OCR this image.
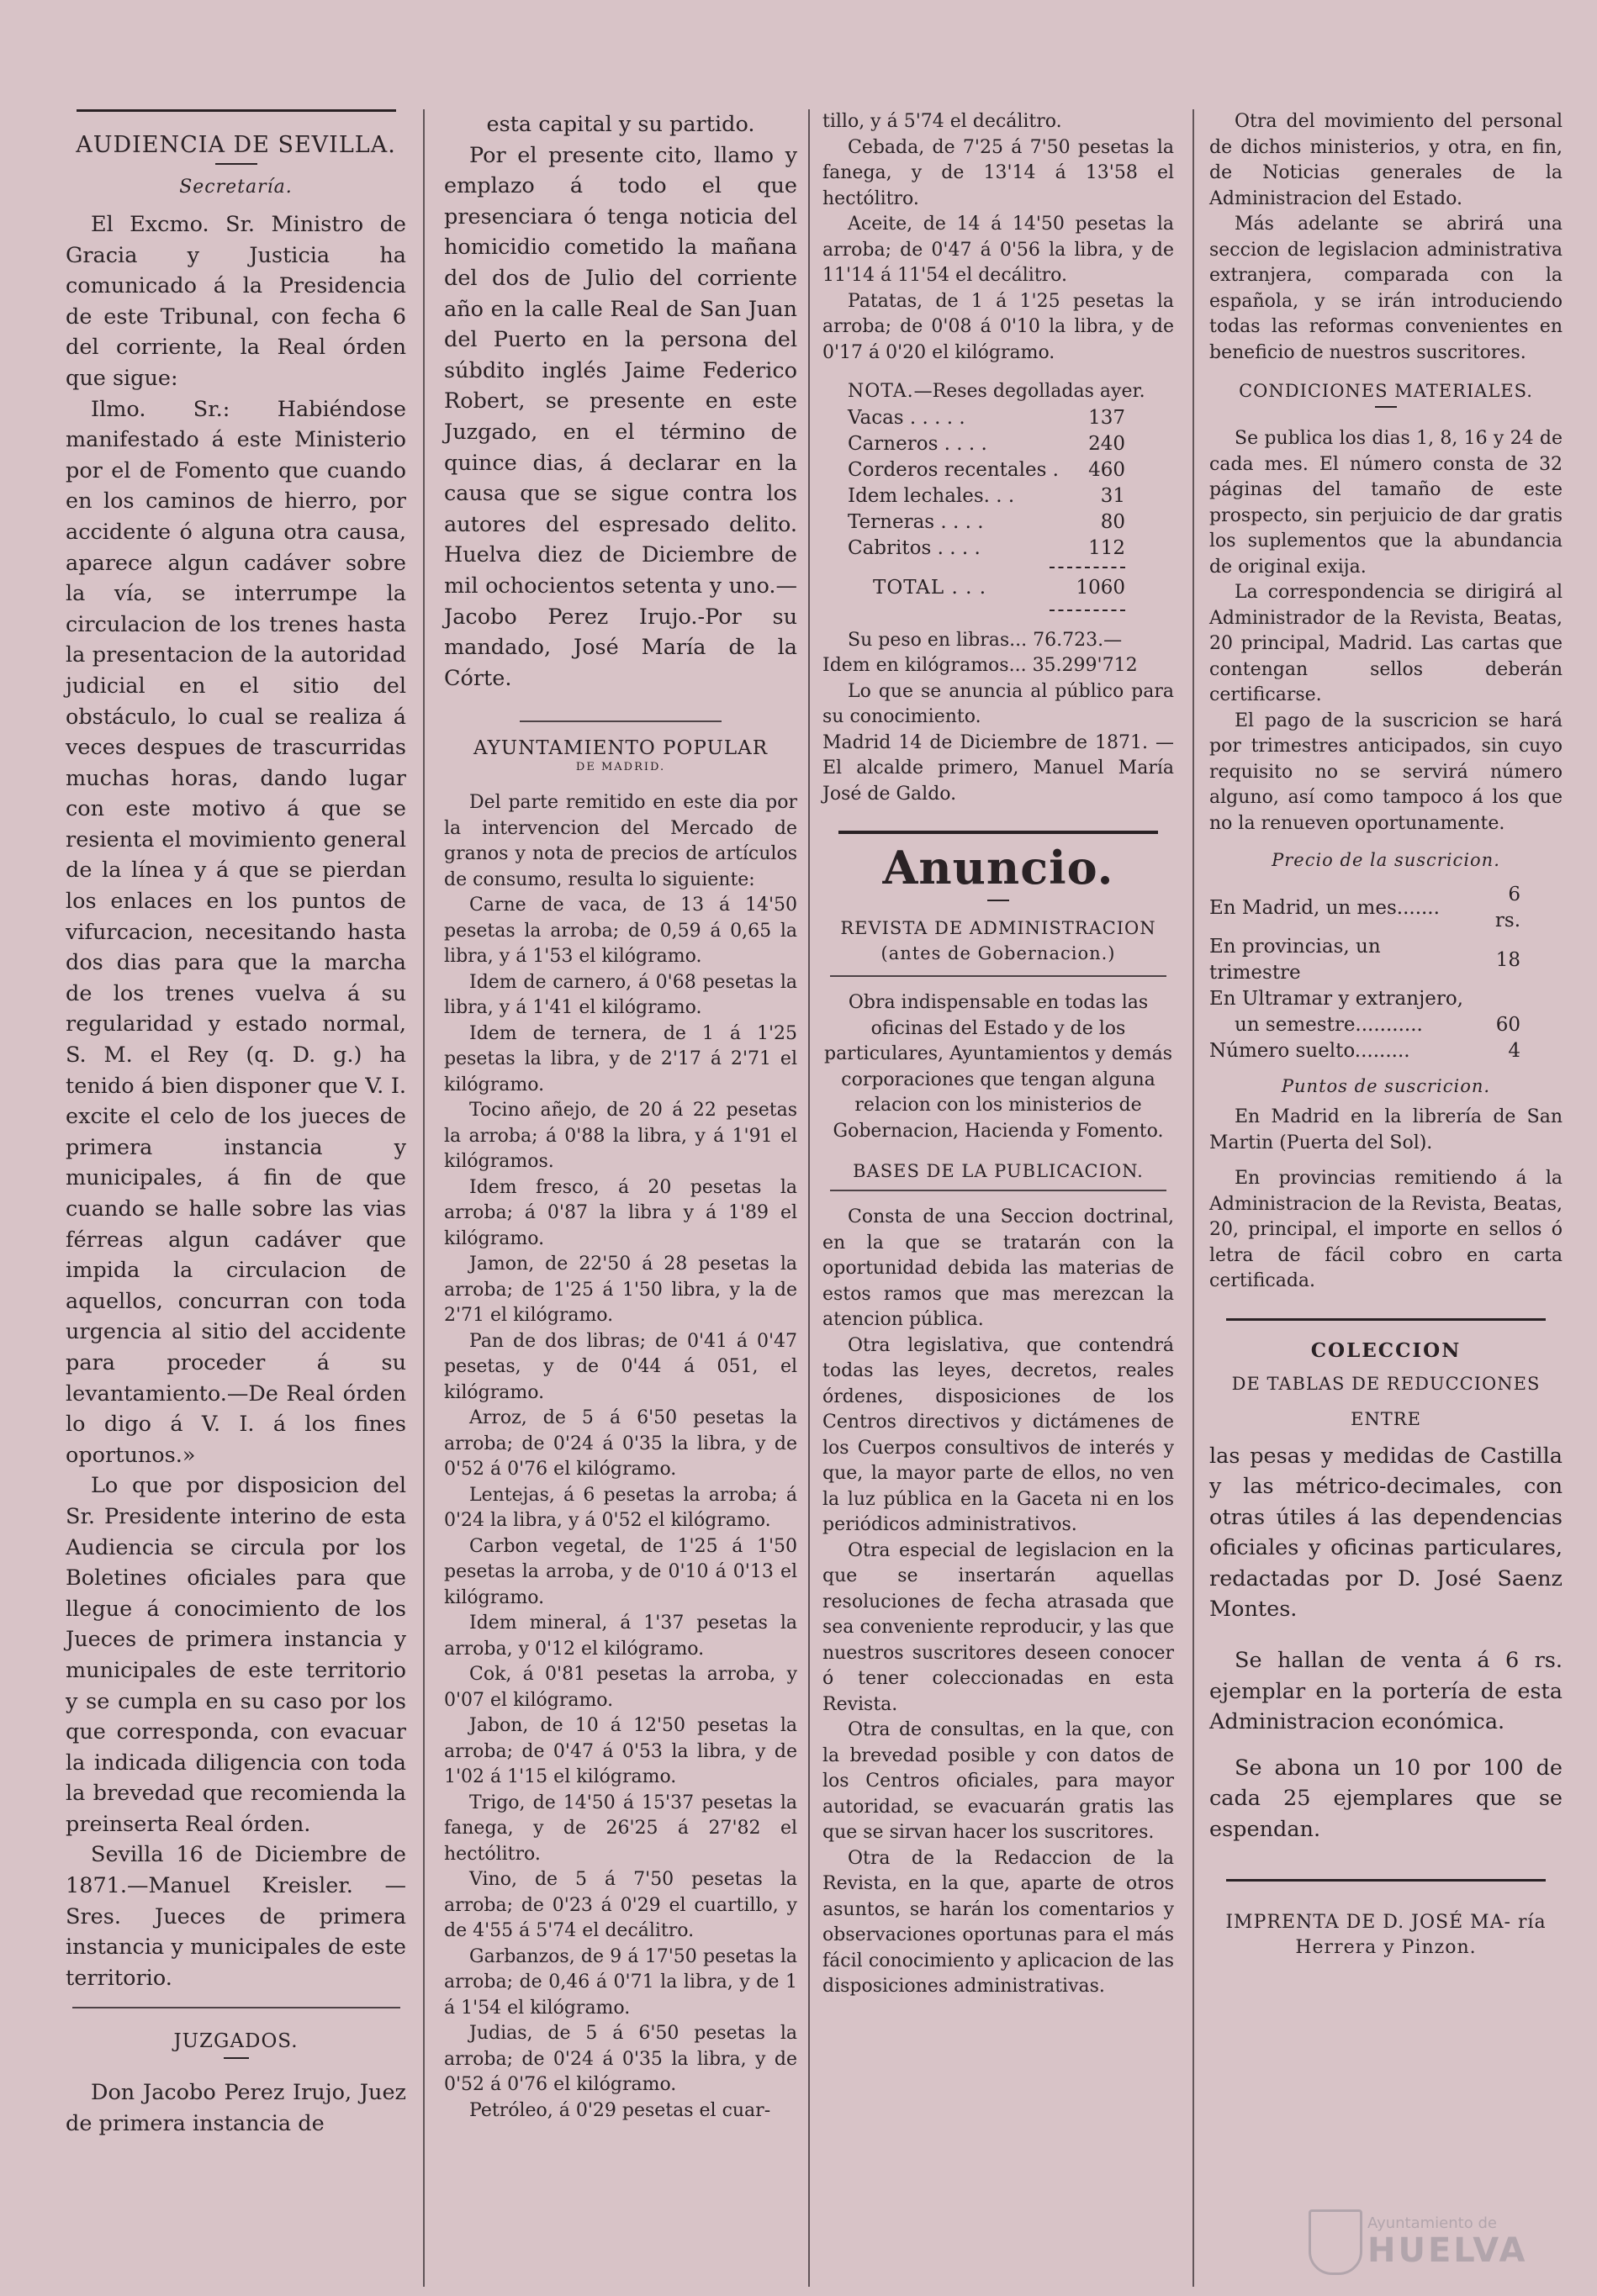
AUDIENCIA DE SEVILLA.
Secretaría.

El Excmo. Sr. Ministro de Gracia y Justicia ha comunicado á la Presidencia de este Tribunal, con fecha 6 del corriente, la Real órden que sigue:

Ilmo. Sr.: Habiéndose manifestado á este Ministerio por el de Fomento que cuando en los caminos de hierro, por accidente ó alguna otra causa, aparece algun cadáver sobre la vía, se interrumpe la circulacion de los trenes hasta la presentacion de la autoridad judicial en el sitio del obstáculo, lo cual se realiza á veces despues de trascurridas muchas horas, dando lugar con este motivo á que se resienta el movimiento general de la línea y á que se pierdan los enlaces en los puntos de vifurcacion, necesitando hasta dos dias para que la marcha de los trenes vuelva á su regularidad y estado normal, S. M. el Rey (q. D. g.) ha tenido á bien disponer que V. I. excite el celo de los jueces de primera instancia y municipales, á fin de que cuando se halle sobre las vias férreas algun cadáver que impida la circulacion de aquellos, concurran con toda urgencia al sitio del accidente para proceder á su levantamiento.—De Real órden lo digo á V. I. á los fines oportunos.»

Lo que por disposicion del Sr. Presidente interino de esta Audiencia se circula por los Boletines oficiales para que llegue á conocimiento de los Jueces de primera instancia y municipales de este territorio y se cumpla en su caso por los que corresponda, con evacuar la indicada diligencia con toda la brevedad que recomienda la preinserta Real órden.

Sevilla 16 de Diciembre de 1871.—Manuel Kreisler. —Sres. Jueces de primera instancia y municipales de este territorio.

JUZGADOS.

Don Jacobo Perez Irujo, Juez de primera instancia de

esta capital y su partido.

Por el presente cito, llamo y emplazo á todo el que presenciara ó tenga noticia del homicidio cometido la mañana del dos de Julio del corriente año en la calle Real de San Juan del Puerto en la persona del súbdito inglés Jaime Federico Robert, se presente en este Juzgado, en el término de quince dias, á declarar en la causa que se sigue contra los autores del espresado delito. Huelva diez de Diciembre de mil ochocientos setenta y uno.—Jacobo Perez Irujo.-Por su mandado, José María de la Córte.

AYUNTAMIENTO POPULAR
DE MADRID.

Del parte remitido en este dia por la intervencion del Mercado de granos y nota de precios de artículos de consumo, resulta lo siguiente:

Carne de vaca, de 13 á 14'50 pesetas la arroba; de 0,59 á 0,65 la libra, y á 1'53 el kilógramo.

Idem de carnero, á 0'68 pesetas la libra, y á 1'41 el kilógramo.

Idem de ternera, de 1 á 1'25 pesetas la libra, y de 2'17 á 2'71 el kilógramo.

Tocino añejo, de 20 á 22 pesetas la arroba; á 0'88 la libra, y á 1'91 el kilógramos.

Idem fresco, á 20 pesetas la arroba; á 0'87 la libra y á 1'89 el kilógramo.

Jamon, de 22'50 á 28 pesetas la arroba; de 1'25 á 1'50 libra, y la de 2'71 el kilógramo.

Pan de dos libras; de 0'41 á 0'47 pesetas, y de 0'44 á 051, el kilógramo.

Arroz, de 5 á 6'50 pesetas la arroba; de 0'24 á 0'35 la libra, y de 0'52 á 0'76 el kilógramo.

Lentejas, á 6 pesetas la arroba; á 0'24 la libra, y á 0'52 el kilógramo.

Carbon vegetal, de 1'25 á 1'50 pesetas la arroba, y de 0'10 á 0'13 el kilógramo.

Idem mineral, á 1'37 pesetas la arroba, y 0'12 el kilógramo.

Cok, á 0'81 pesetas la arroba, y 0'07 el kilógramo.

Jabon, de 10 á 12'50 pesetas la arroba; de 0'47 á 0'53 la libra, y de 1'02 á 1'15 el kilógramo.

Trigo, de 14'50 á 15'37 pesetas la fanega, y de 26'25 á 27'82 el hectólitro.

Vino, de 5 á 7'50 pesetas la arroba; de 0'23 á 0'29 el cuartillo, y de 4'55 á 5'74 el decálitro.

Garbanzos, de 9 á 17'50 pesetas la arroba; de 0,46 á 0'71 la libra, y de 1 á 1'54 el kilógramo.

Judias, de 5 á 6'50 pesetas la arroba; de 0'24 á 0'35 la libra, y de 0'52 á 0'76 el kilógramo.

Petróleo, á 0'29 pesetas el cuar-

tillo, y á 5'74 el decálitro.

Cebada, de 7'25 á 7'50 pesetas la fanega, y de 13'14 á 13'58 el hectólitro.

Aceite, de 14 á 14'50 pesetas la arroba; de 0'47 á 0'56 la libra, y de 11'14 á 11'54 el decálitro.

Patatas, de 1 á 1'25 pesetas la arroba; de 0'08 á 0'10 la libra, y de 0'17 á 0'20 el kilógramo.

NOTA.—Reses degolladas ayer.
Vacas . . . . .	137
Carneros . . . .	240
Corderos recentales .	460
Idem lechales. . .	31
Terneras . . . .	80
Cabritos . . . .	112
TOTAL . . .	1060

Su peso en libras... 76.723.—

Idem en kilógramos... 35.299'712

Lo que se anuncia al público para su conocimiento.

Madrid 14 de Diciembre de 1871. —El alcalde primero, Manuel María José de Galdo.

Anuncio.
REVISTA DE ADMINISTRACION
(antes de Gobernacion.)

Obra indispensable en todas las oficinas del Estado y de los particulares, Ayuntamientos y demás corporaciones que tengan alguna relacion con los ministerios de Gobernacion, Hacienda y Fomento.

BASES DE LA PUBLICACION.

Consta de una Seccion doctrinal, en la que se tratarán con la oportunidad debida las materias de estos ramos que mas merezcan la atencion pública.

Otra legislativa, que contendrá todas las leyes, decretos, reales órdenes, disposiciones de los Centros directivos y dictámenes de los Cuerpos consultivos de interés y que, la mayor parte de ellos, no ven la luz pública en la Gaceta ni en los periódicos administrativos.

Otra especial de legislacion en la que se insertarán aquellas resoluciones de fecha atrasada que sea conveniente reproducir, y las que nuestros suscritores deseen conocer ó tener coleccionadas en esta Revista.

Otra de consultas, en la que, con la brevedad posible y con datos de los Centros oficiales, para mayor autoridad, se evacuarán gratis las que se sirvan hacer los suscritores.

Otra de la Redaccion de la Revista, en la que, aparte de otros asuntos, se harán los comentarios y observaciones oportunas para el más fácil conocimiento y aplicacion de las disposiciones administrativas.

Otra del movimiento del personal de dichos ministerios, y otra, en fin, de Noticias generales de la Administracion del Estado.

Más adelante se abrirá una seccion de legislacion administrativa extranjera, comparada con la española, y se irán introduciendo todas las reformas convenientes en beneficio de nuestros suscritores.

CONDICIONES MATERIALES.

Se publica los dias 1, 8, 16 y 24 de cada mes. El número consta de 32 páginas del tamaño de este prospecto, sin perjuicio de dar gratis los suplementos que la abundancia de original exija.

La correspondencia se dirigirá al Administrador de la Revista, Beatas, 20 principal, Madrid. Las cartas que contengan sellos deberán certificarse.

El pago de la suscricion se hará por trimestres anticipados, sin cuyo requisito no se servirá número alguno, así como tampoco á los que no la renueven oportunamente.

Precio de la suscricion.
En Madrid, un mes.......	6 rs.
En provincias, un trimestre	18
En Ultramar y extranjero,	
un semestre...........	60
Número suelto.........	4
Puntos de suscricion.

En Madrid en la librería de San Martin (Puerta del Sol).

En provincias remitiendo á la Administracion de la Revista, Beatas, 20, principal, el importe en sellos ó letra de fácil cobro en carta certificada.

COLECCION
DE TABLAS DE REDUCCIONES
ENTRE

las pesas y medidas de Castilla y las métrico-decimales, con otras útiles á las dependencias oficiales y oficinas particulares, redactadas por D. José Saenz Montes.

Se hallan de venta á 6 rs. ejemplar en la portería de esta Administracion económica.

Se abona un 10 por 100 de cada 25 ejemplares que se espendan.

IMPRENTA DE D. JOSÉ MA- ría Herrera y Pinzon.

Ayuntamiento de
HUELVA
